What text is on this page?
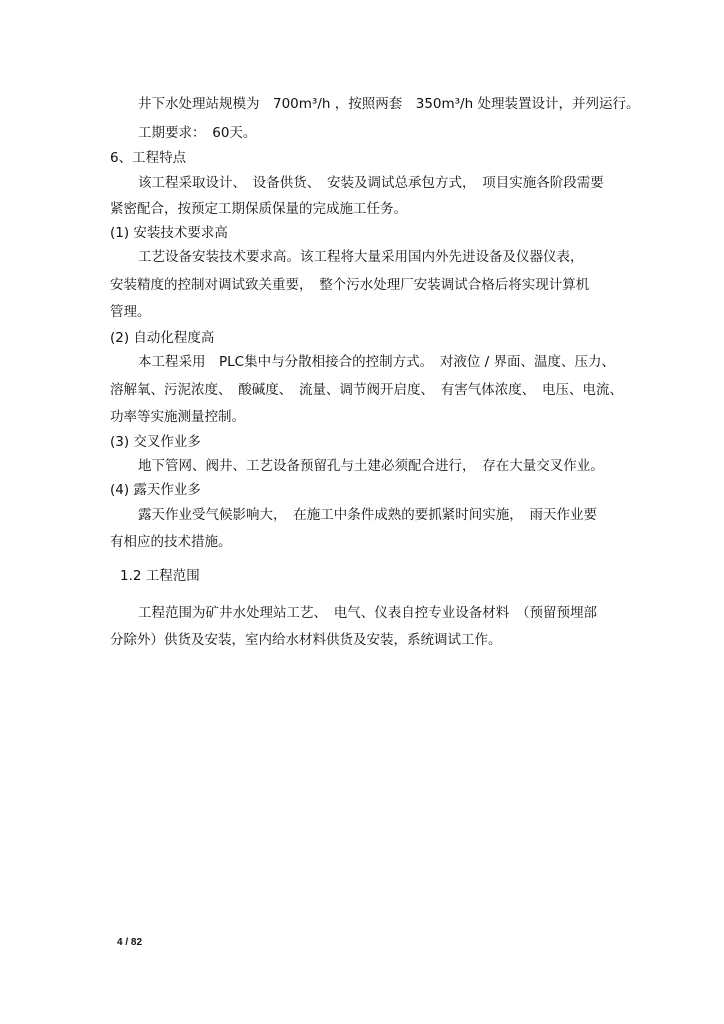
井下水处理站规模为　700m³/h ，按照两套　350m³/h 处理装置设计，并列运行。
工期要求：　60天。
6、工程特点
该工程采取设计、　设备供货、　安装及调试总承包方式，　项目实施各阶段需要
紧密配合，按预定工期保质保量的完成施工任务。
(1) 安装技术要求高
工艺设备安装技术要求高。该工程将大量采用国内外先进设备及仪器仪表，
安装精度的控制对调试致关重要，　整个污水处理厂安装调试合格后将实现计算机
管理。
(2) 自动化程度高
本工程采用　PLC集中与分散相接合的控制方式。　对液位 / 界面、温度、压力、
溶解氧、污泥浓度、　酸碱度、　流量、调节阀开启度、　有害气体浓度、　电压、电流、
功率等实施测量控制。
(3) 交叉作业多
地下管网、阀井、工艺设备预留孔与土建必须配合进行，　存在大量交叉作业。
(4) 露天作业多
露天作业受气候影响大，　在施工中条件成熟的要抓紧时间实施，　雨天作业要
有相应的技术措施。
1.2 工程范围
工程范围为矿井水处理站工艺、　电气、仪表自控专业设备材料　（预留预埋部
分除外）供货及安装，室内给水材料供货及安装，系统调试工作。
4 / 82
